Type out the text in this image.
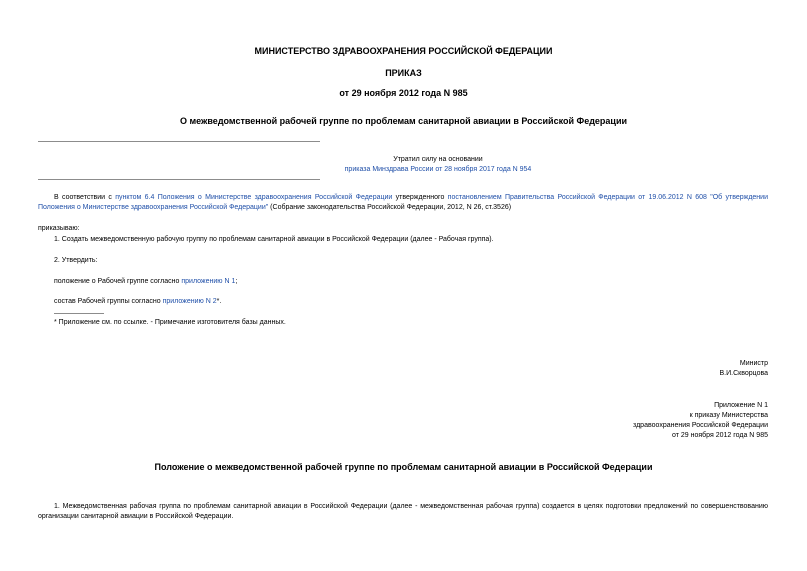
МИНИСТЕРСТВО ЗДРАВООХРАНЕНИЯ РОССИЙСКОЙ ФЕДЕРАЦИИ
ПРИКАЗ
от 29 ноября 2012 года N 985
О межведомственной рабочей группе по проблемам санитарной авиации в Российской Федерации
Утратил силу на основании
приказа Минздрава России от 28 ноября 2017 года N 954
В соответствии с пунктом 6.4 Положения о Министерстве здравоохранения Российской Федерации утвержденного постановлением Правительства Российской Федерации от 19.06.2012 N 608 "Об утверждении Положения о Министерстве здравоохранения Российской Федерации" (Собрание законодательства Российской Федерации, 2012, N 26, ст.3526)
приказываю:
1. Создать межведомственную рабочую группу по проблемам санитарной авиации в Российской Федерации (далее - Рабочая группа).
2. Утвердить:
положение о Рабочей группе согласно приложению N 1;
состав Рабочей группы согласно приложению N 2*.
* Приложение см. по ссылке. - Примечание изготовителя базы данных.
Министр
В.И.Скворцова
Приложение N 1
к приказу Министерства
здравоохранения Российской Федерации
от 29 ноября 2012 года N 985
Положение о межведомственной рабочей группе по проблемам санитарной авиации в Российской Федерации
1. Межведомственная рабочая группа по проблемам санитарной авиации в Российской Федерации (далее - межведомственная рабочая группа) создается в целях подготовки предложений по совершенствованию организации санитарной авиации в Российской Федерации.
